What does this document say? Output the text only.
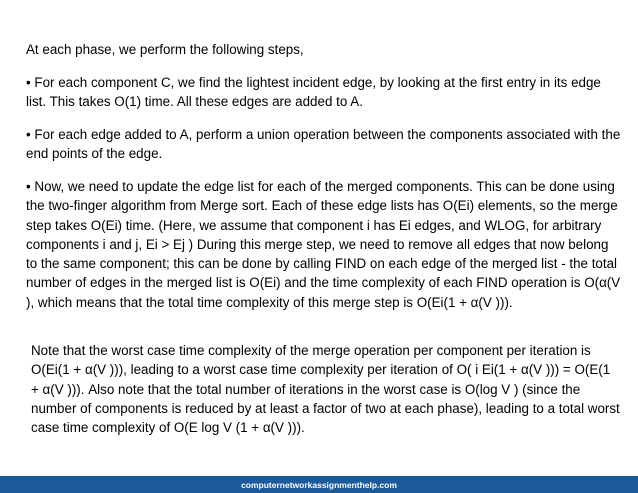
At each phase, we perform the following steps,

• For each component C, we find the lightest incident edge, by looking at the first entry in its edge list. This takes O(1) time. All these edges are added to A.

• For each edge added to A, perform a union operation between the components associated with the end points of the edge.

• Now, we need to update the edge list for each of the merged components. This can be done using the two-finger algorithm from Merge sort. Each of these edge lists has O(Ei) elements, so the merge step takes O(Ei) time. (Here, we assume that component i has Ei edges, and WLOG, for arbitrary components i and j, Ei > Ej ) During this merge step, we need to remove all edges that now belong to the same component; this can be done by calling FIND on each edge of the merged list - the total number of edges in the merged list is O(Ei) and the time complexity of each FIND operation is O(α(V ), which means that the total time complexity of this merge step is O(Ei(1 + α(V ))).

Note that the worst case time complexity of the merge operation per component per iteration is O(Ei(1 + α(V ))), leading to a worst case time complexity per iteration of O( i Ei(1 + α(V ))) = O(E(1 + α(V ))). Also note that the total number of iterations in the worst case is O(log V ) (since the number of components is reduced by at least a factor of two at each phase), leading to a total worst case time complexity of O(E log V (1 + α(V ))).

computernetworkassignmenthelp.com
